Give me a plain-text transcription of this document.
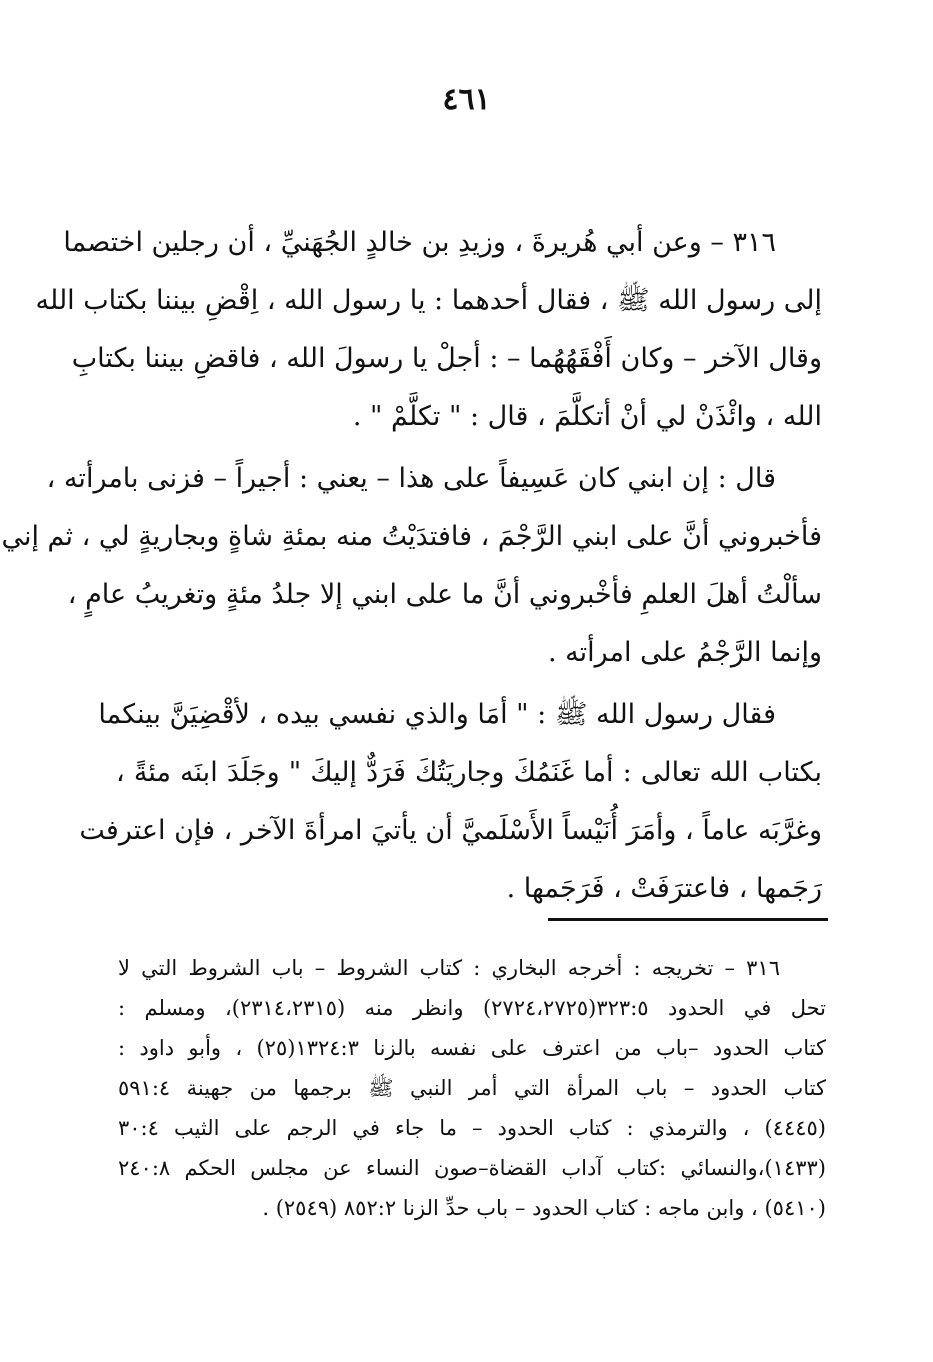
٤٦١
٣١٦ – وعن أبي هُريرةَ ، وزيدِ بن خالدٍ الجُهَنيِّ ، أن رجلين اختصما
إلى رسول الله ﷺ ، فقال أحدهما : يا رسول الله ، اِقْضِ بيننا بكتاب الله
وقال الآخر – وكان أَفْقَهُهُما – : أجلْ يا رسولَ الله ، فاقضِ بيننا بكتابِ
الله ، وائْذَنْ لي أنْ أتكلَّمَ ، قال : " تكلَّمْ " .
قال : إن ابني كان عَسِيفاً على هذا – يعني : أجيراً – فزنى بامرأته ،
فأخبروني أنَّ على ابني الرَّجْمَ ، فافتدَيْتُ منه بمئةِ شاةٍ وبجاريةٍ لي ، ثم إني
سألْتُ أهلَ العلمِ فأخْبروني أنَّ ما على ابني إلا جلدُ مئةٍ وتغريبُ عامٍ ،
وإنما الرَّجْمُ على امرأته .
فقال رسول الله ﷺ : " أمَا والذي نفسي بيده ، لأقْضِيَنَّ بينكما
بكتاب الله تعالى : أما غَنَمُكَ وجاريَتُكَ فَرَدٌّ إليكَ " وجَلَدَ ابنَه مئةً ،
وغرَّبَه عاماً ، وأمَرَ أُنَيْساً الأَسْلَميَّ أن يأتيَ امرأةَ الآخر ، فإن اعترفت
رَجَمها ، فاعترَفَتْ ، فَرَجَمها .
٣١٦ – تخريجه : أخرجه البخاري : كتاب الشروط – باب الشروط التي لا
تحل في الحدود ٣٢٣:٥(٢٧٢٤،٢٧٢٥) وانظر منه (٢٣١٤،٢٣١٥)، ومسلم :
كتاب الحدود –باب من اعترف على نفسه بالزنا ١٣٢٤:٣(٢٥) ، وأبو داود :
كتاب الحدود – باب المرأة التي أمر النبي ﷺ برجمها من جهينة ٥٩١:٤
(٤٤٤٥) ، والترمذي : كتاب الحدود – ما جاء في الرجم على الثيب ٣٠:٤
(١٤٣٣)،والنسائي :كتاب آداب القضاة–صون النساء عن مجلس الحكم ٢٤٠:٨
(٥٤١٠) ، وابن ماجه : كتاب الحدود – باب حدِّ الزنا ٨٥٢:٢ (٢٥٤٩) .
